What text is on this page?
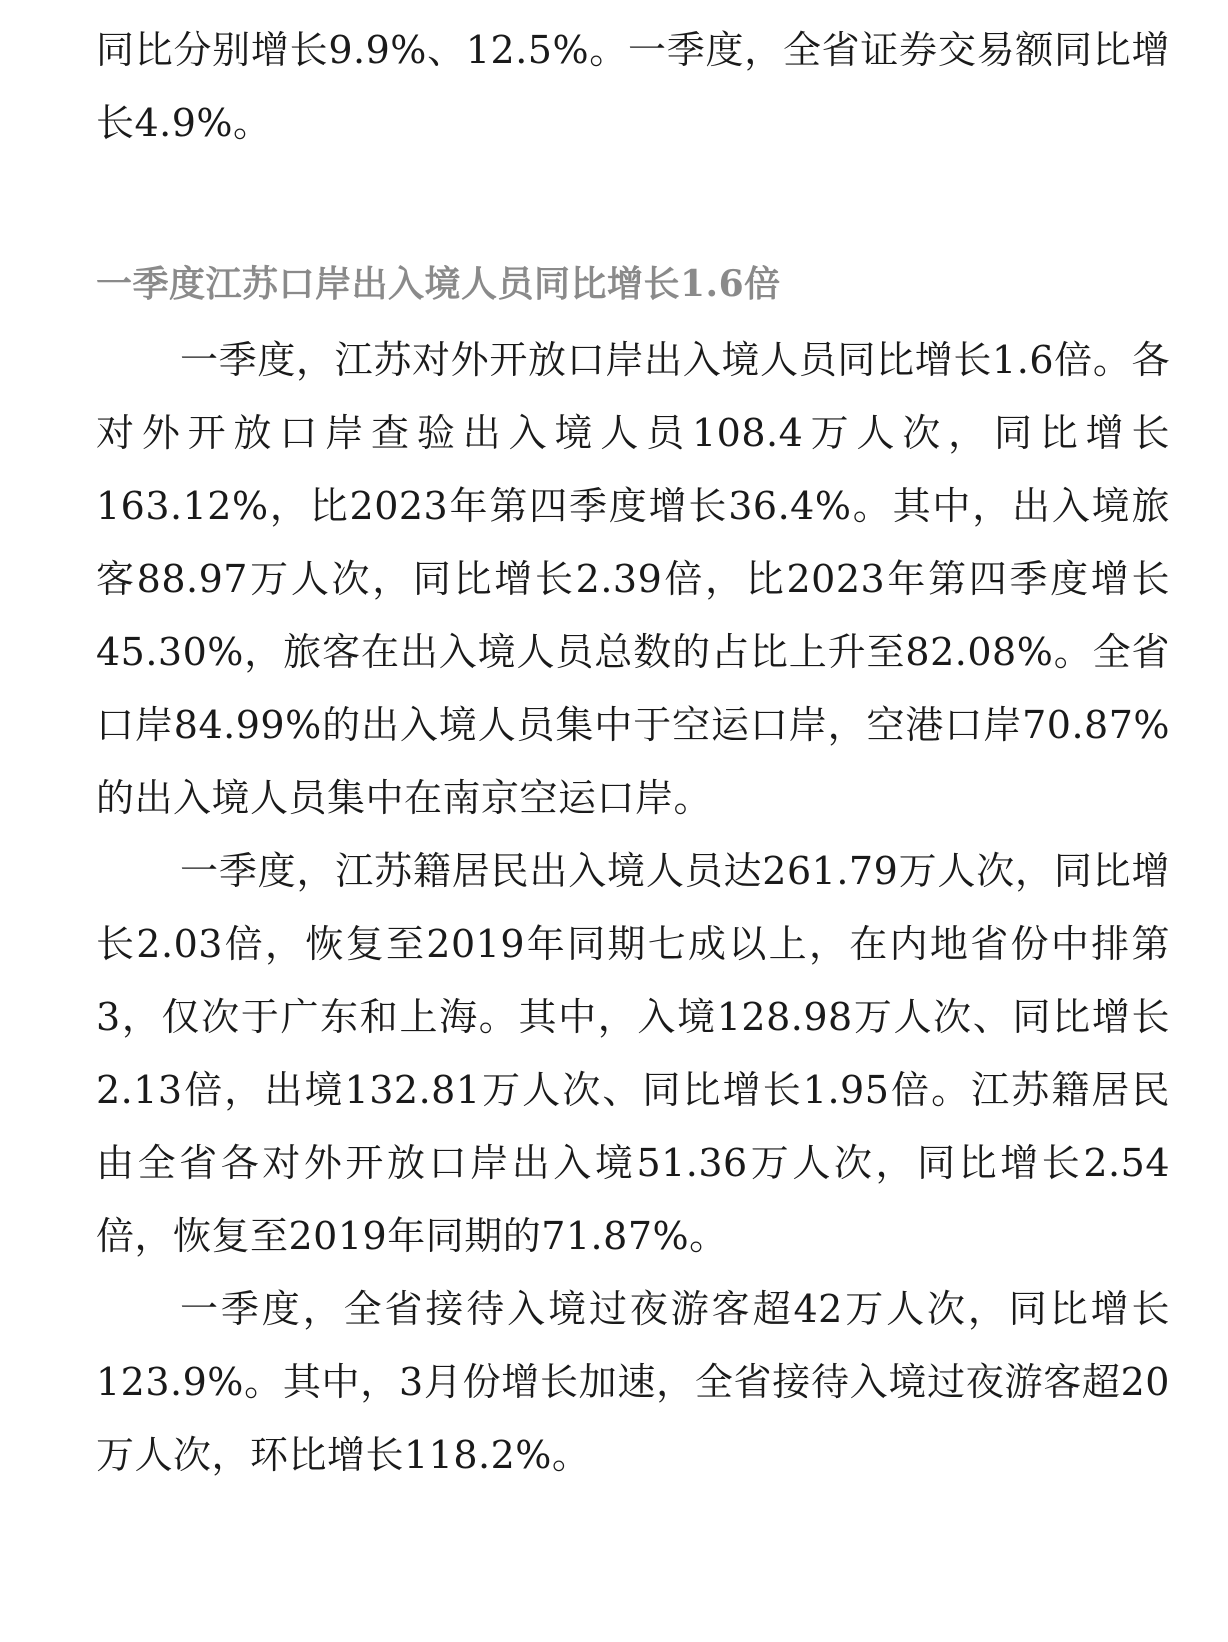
同比分别增长9.9%、12.5%。一季度，全省证券交易额同比增长4.9%。

一季度江苏口岸出入境人员同比增长1.6倍

一季度，江苏对外开放口岸出入境人员同比增长1.6倍。各对外开放口岸查验出入境人员108.4万人次，同比增长163.12%，比2023年第四季度增长36.4%。其中，出入境旅客88.97万人次，同比增长2.39倍，比2023年第四季度增长45.30%，旅客在出入境人员总数的占比上升至82.08%。全省口岸84.99%的出入境人员集中于空运口岸，空港口岸70.87%的出入境人员集中在南京空运口岸。

一季度，江苏籍居民出入境人员达261.79万人次，同比增长2.03倍，恢复至2019年同期七成以上，在内地省份中排第3，仅次于广东和上海。其中，入境128.98万人次、同比增长2.13倍，出境132.81万人次、同比增长1.95倍。江苏籍居民由全省各对外开放口岸出入境51.36万人次，同比增长2.54倍，恢复至2019年同期的71.87%。

一季度，全省接待入境过夜游客超42万人次，同比增长123.9%。其中，3月份增长加速，全省接待入境过夜游客超20万人次，环比增长118.2%。
